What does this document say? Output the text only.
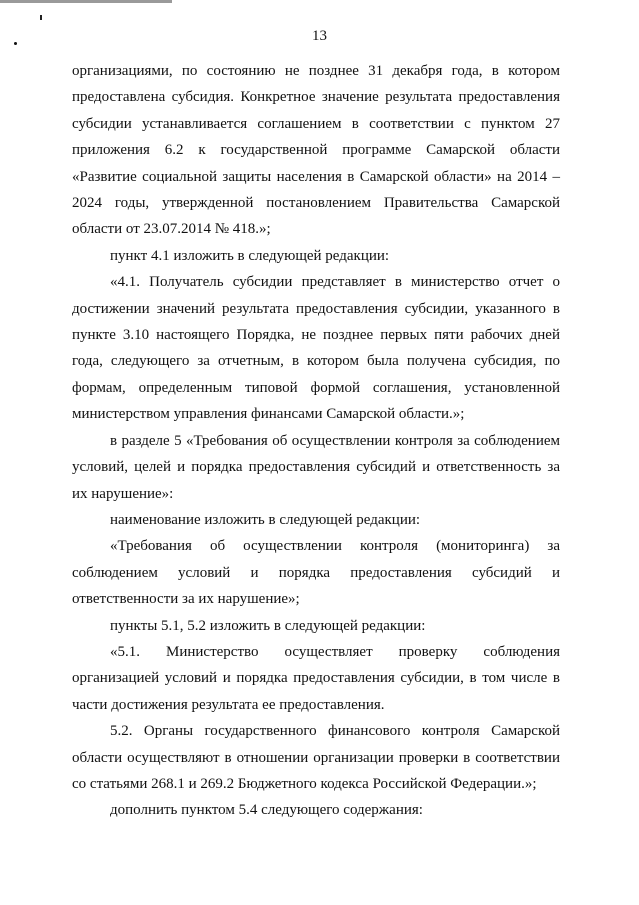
13

организациями, по состоянию не позднее 31 декабря года, в котором предоставлена субсидия. Конкретное значение результата предоставления субсидии устанавливается соглашением в соответствии с пунктом 27 приложения 6.2 к государственной программе Самарской области «Развитие социальной защиты населения в Самарской области» на 2014 – 2024 годы, утвержденной постановлением Правительства Самарской области от 23.07.2014 № 418.»;

пункт 4.1 изложить в следующей редакции:

«4.1. Получатель субсидии представляет в министерство отчет о достижении значений результата предоставления субсидии, указанного в пункте 3.10 настоящего Порядка, не позднее первых пяти рабочих дней года, следующего за отчетным, в котором была получена субсидия, по формам, определенным типовой формой соглашения, установленной министерством управления финансами Самарской области.»;

в разделе 5 «Требования об осуществлении контроля за соблюдением условий, целей и порядка предоставления субсидий и ответственность за их нарушение»:

наименование изложить в следующей редакции:

«Требования об осуществлении контроля (мониторинга) за соблюдением условий и порядка предоставления субсидий и ответственности за их нарушение»;

пункты 5.1, 5.2 изложить в следующей редакции:

«5.1. Министерство осуществляет проверку соблюдения организацией условий и порядка предоставления субсидии, в том числе в части достижения результата ее предоставления.

5.2. Органы государственного финансового контроля Самарской области осуществляют в отношении организации проверки в соответствии со статьями 268.1 и 269.2 Бюджетного кодекса Российской Федерации.»;

дополнить пунктом 5.4 следующего содержания:
